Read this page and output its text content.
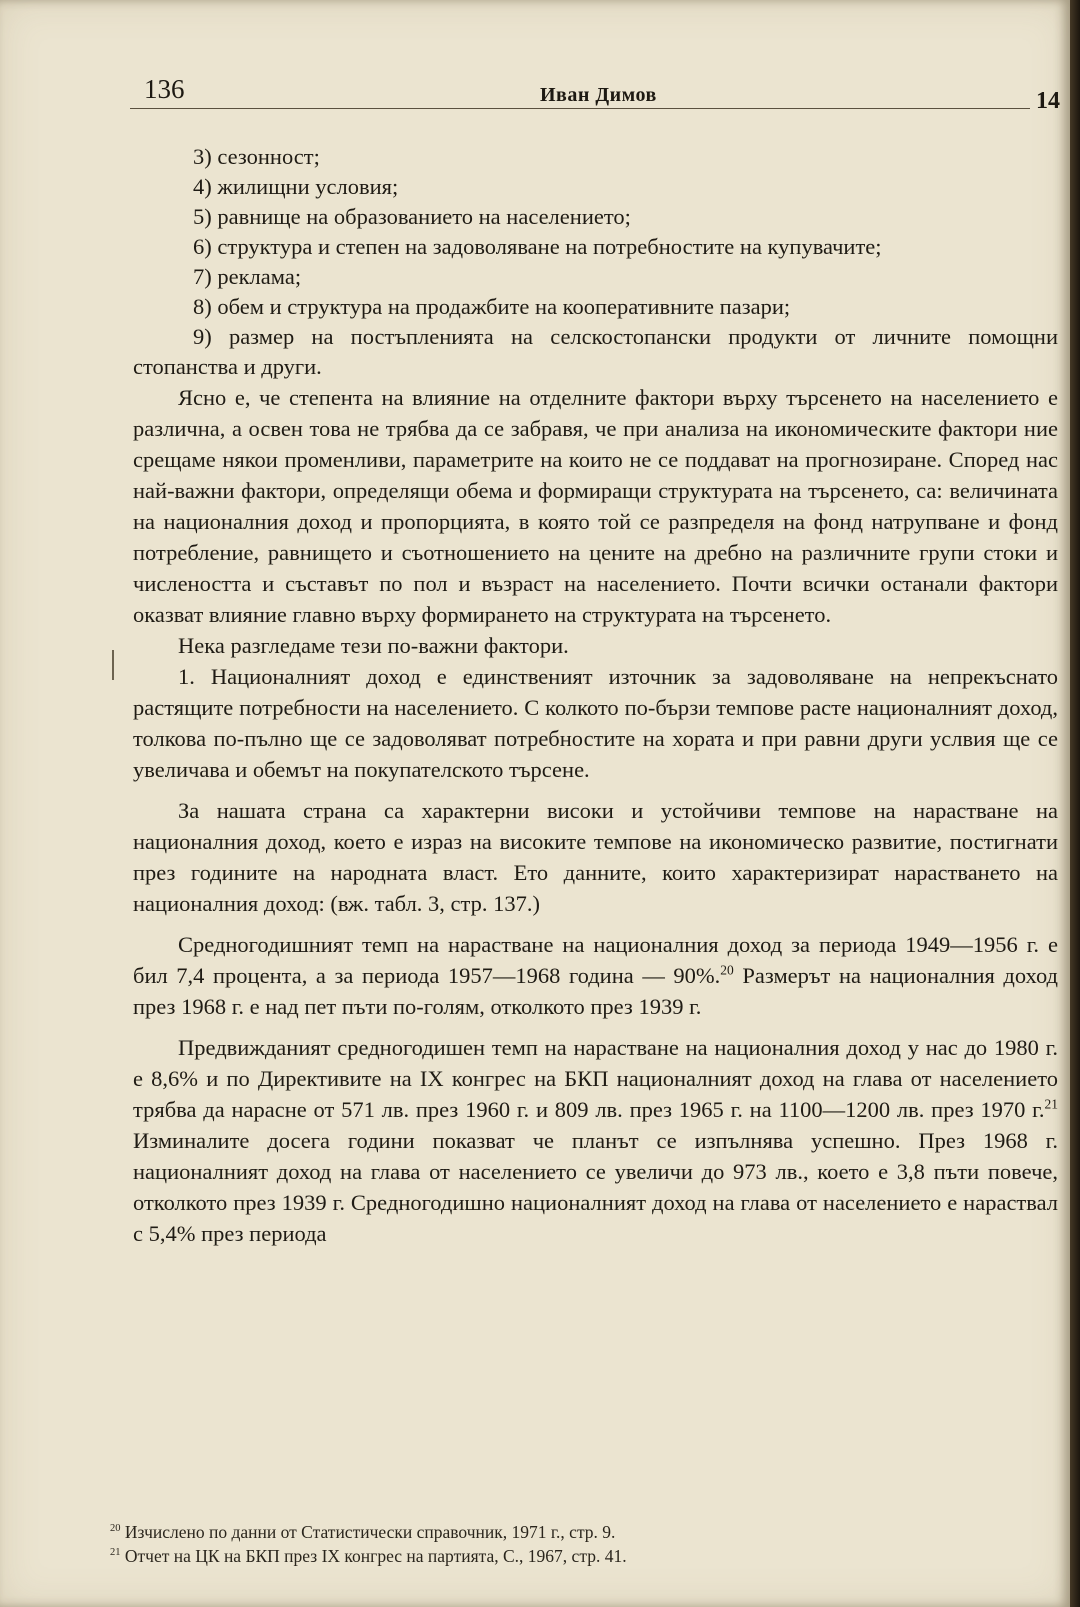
136	Иван Димов	14

3) сезонност;

4) жилищни условия;

5) равнище на образованието на населението;

6) структура и степен на задоволяване на потребностите на купувачите;

7) реклама;

8) обем и структура на продажбите на кооперативните пазари;

9) размер на постъпленията на селскостопански продукти от личните помощни стопанства и други.

Ясно е, че степента на влияние на отделните фактори върху търсенето на населението е различна, а освен това не трябва да се забравя, че при анализа на икономическите фактори ние срещаме някои променливи, параметрите на които не се поддават на прогнозиране. Според нас най-важни фактори, определящи обема и формиращи структурата на търсенето, са: величината на националния доход и пропорцията, в която той се разпределя на фонд натрупване и фонд потребление, равнището и съотношението на цените на дребно на различните групи стоки и числеността и съставът по пол и възраст на населението. Почти всички останали фактори оказват влияние главно върху формирането на структурата на търсенето.

Нека разгледаме тези по-важни фактори.

1. Националният доход е единственият източник за задоволяване на непрекъснато растящите потребности на населението. С колкото по-бързи темпове расте националният доход, толкова по-пълно ще се задоволяват потребностите на хората и при равни други услвия ще се увеличава и обемът на покупателското търсене.

За нашата страна са характерни високи и устойчиви темпове на нарастване на националния доход, което е израз на високите темпове на икономическо развитие, постигнати през годините на народната власт. Ето данните, които характеризират нарастването на националния доход: (вж. табл. 3, стр. 137.)

Средногодишният темп на нарастване на националния доход за периода 1949—1956 г. е бил 7,4 процента, а за периода 1957—1968 година — 90%.$^{20}$ Размерът на националния доход през 1968 г. е над пет пъти по-голям, отколкото през 1939 г.

Предвижданият средногодишен темп на нарастване на националния доход у нас до 1980 г. е 8,6% и по Директивите на IX конгрес на БКП националният доход на глава от населението трябва да нарасне от 571 лв. през 1960 г. и 809 лв. през 1965 г. на 1100—1200 лв. през 1970 г.$^{21}$ Изминалите досега години показват че планът се изпълнява успешно. През 1968 г. националният доход на глава от населението се увеличи до 973 лв., което е 3,8 пъти повече, отколкото през 1939 г. Средногодишно националният доход на глава от населението е нараствал с 5,4% през периода

$^{20}$ Изчислено по данни от Статистически справочник, 1971 г., стр. 9.

$^{21}$ Отчет на ЦК на БКП през IX конгрес на партията, С., 1967, стр. 41.
